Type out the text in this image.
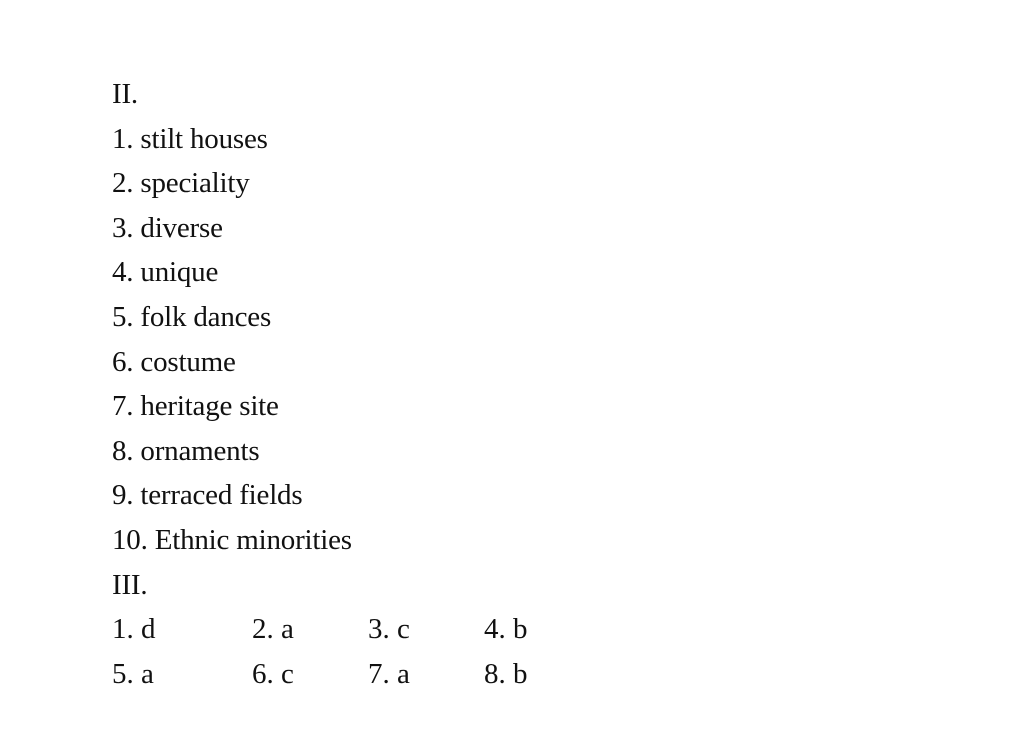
II.
1. stilt houses
2. speciality
3. diverse
4. unique
5. folk dances
6. costume
7. heritage site
8. ornaments
9. terraced fields
10. Ethnic minorities
III.
1. d	2. a	3. c	4. b
5. a	6. c	7. a	8. b
